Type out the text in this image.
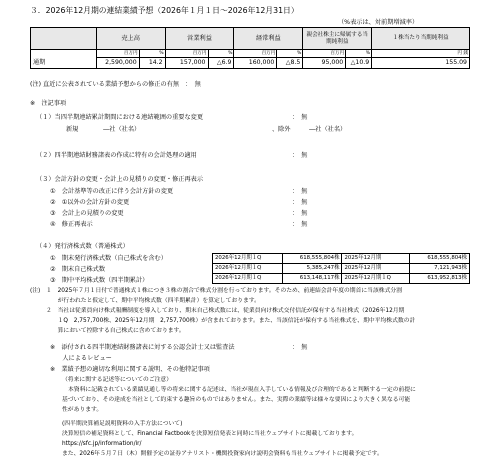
３．2026年12月期の連結業績予想（2026年１月１日～2026年12月31日）
（%表示は、対前期増減率）
	売上高		営業利益		経常利益		親会社株主に帰属する当期純利益		１株当たり当期純利益
通期	百万円	%	百万円	%	百万円	%	百万円	%	円 銭
	2,590,000	14.2	157,000	△6.9	160,000	△8.5	95,000	△10.9	155.09
(注) 直近に公表されている業績予想からの修正の有無　：　無
※　注記事項
（１）当四半期連結累計期間における連結範囲の重要な変更	：　無
新規　　　　―社（社名）	、除外　　　―社（社名）
（２）四半期連結財務諸表の作成に特有の会計処理の適用	：　無
（３）会計方針の変更・会計上の見積りの変更・修正再表示
①　会計基準等の改正に伴う会計方針の変更	：　無
②　①以外の会計方針の変更	：　無
③　会計上の見積りの変更	：　無
④　修正再表示	：　無
（４）発行済株式数（普通株式）
①　期末発行済株式数（自己株式を含む）
②　期末自己株式数
③　期中平均株式数（四半期累計）
2026年12月期１Q	618,555,804株	2025年12月期	618,555,804株
2026年12月期１Q	5,385,247株	2025年12月期	7,121,943株
2026年12月期１Q	613,148,117株	2025年12月期１Q	613,952,813株
(注) １　2025年７月１日付で普通株式１株につき３株の割合で株式分割を行っております。そのため、前連結会計年度の期首に当該株式分割
　　が行われたと仮定して、期中平均株式数（四半期累計）を算定しております。
２　当社は従業員向け株式報酬制度を導入しており、期末自己株式数には、従業員向け株式交付信託が保有する当社株式（2026年12月期
　　１Q　2,757,700株、2025年12月期　2,757,700株）が含まれております。また、当該信託が保有する当社株式を、期中平均株式数の計
　　算において控除する自己株式に含めております。
※　添付される四半期連結財務諸表に対する公認会計士又は監査法	：　無
　　人によるレビュー
※　業績予想の適切な利用に関する説明、その他特記事項
（将来に関する記述等についてのご注意）
本資料に記載されている業績見通し等の将来に関する記述は、当社が現在入手している情報及び合理的であると判断する一定の前提に
基づいており、その達成を当社として約束する趣旨のものではありません。また、実際の業績等は様々な要因により大きく異なる可能
性があります。
(四半期決算補足説明資料の入手方法について)
決算短信の補足資料として、Financial Factbookを決算短信発表と同時に当社ウェブサイトに掲載しております。
https://sfc.jp/information/ir/
また、2026年５月７日（木）開催予定の証券アナリスト・機関投資家向け説明会資料も当社ウェブサイトに掲載予定です。
